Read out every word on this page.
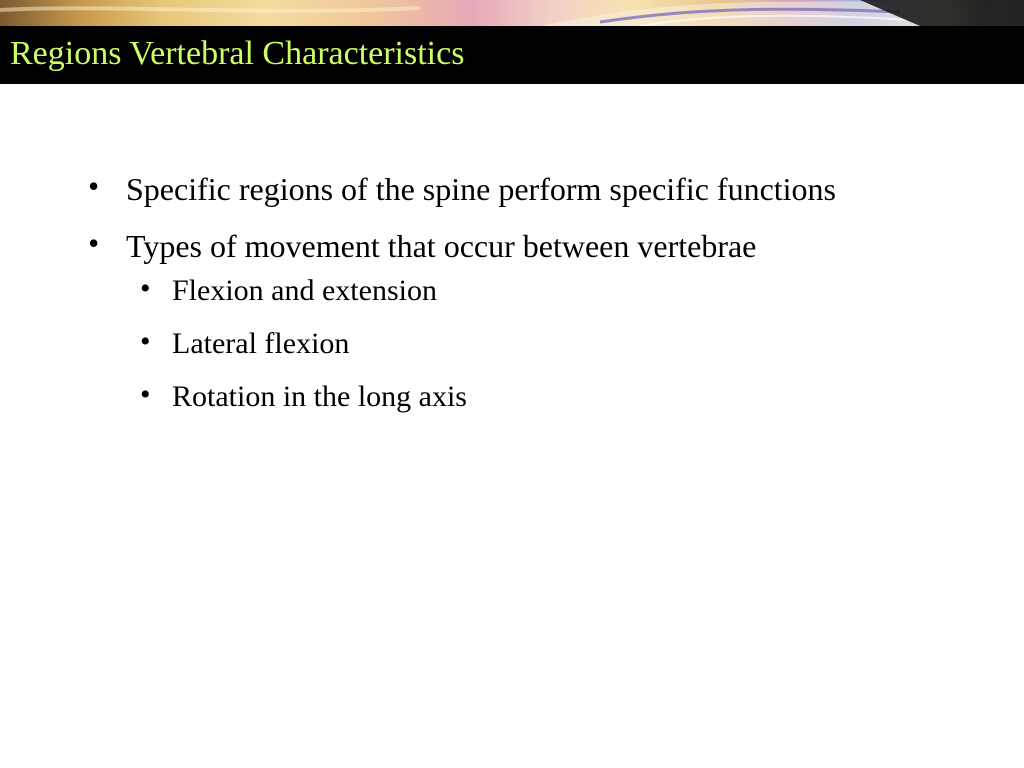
Regions Vertebral Characteristics
• Specific regions of the spine perform specific functions
• Types of movement that occur between vertebrae
• Flexion and extension
• Lateral flexion
• Rotation in the long axis
